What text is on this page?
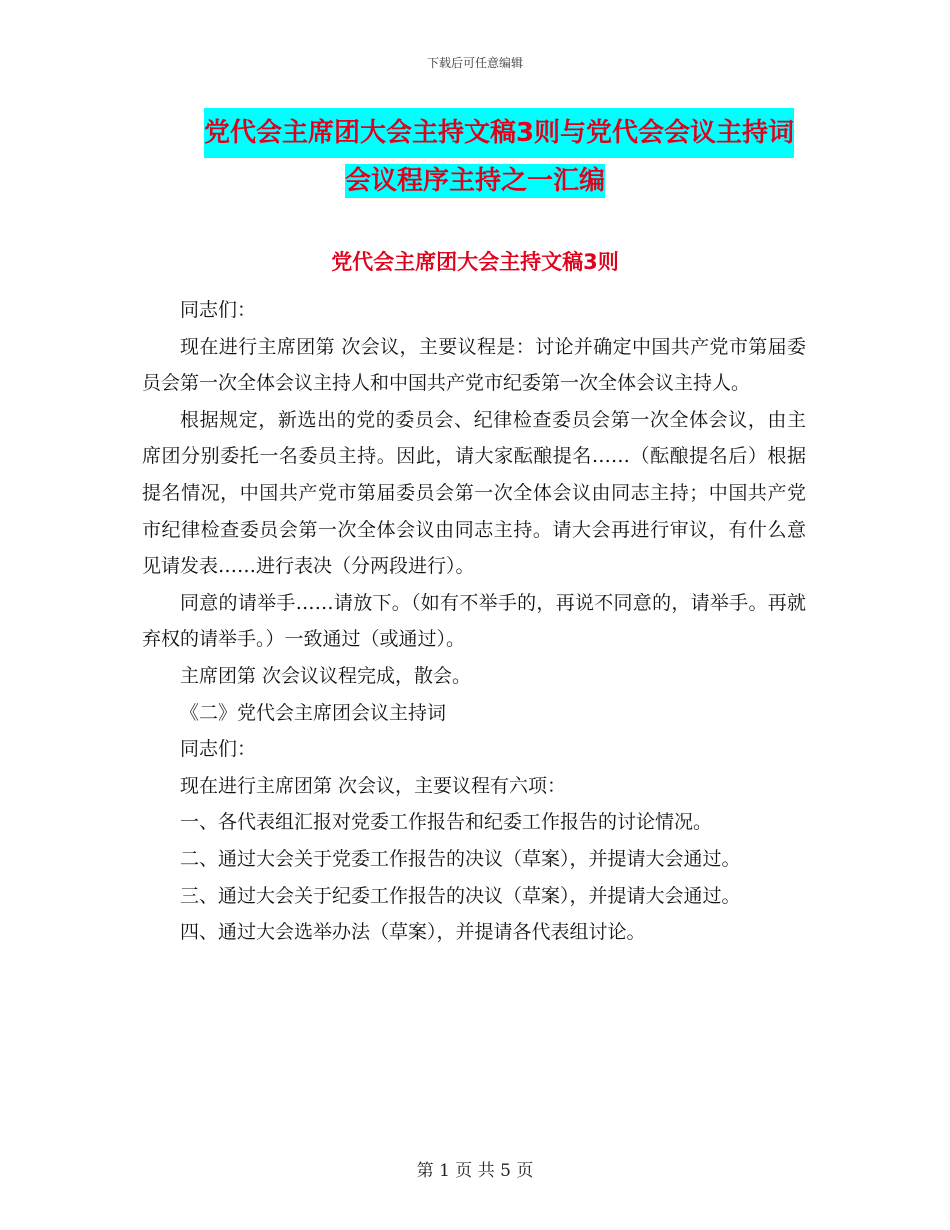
下载后可任意编辑
党代会主席团大会主持文稿3则与党代会会议主持词
会议程序主持之一汇编
党代会主席团大会主持文稿3则

同志们：

现在进行主席团第 次会议，主要议程是：讨论并确定中国共产党市第届委员会第一次全体会议主持人和中国共产党市纪委第一次全体会议主持人。

根据规定，新选出的党的委员会、纪律检查委员会第一次全体会议，由主席团分别委托一名委员主持。因此，请大家酝酿提名……（酝酿提名后）根据提名情况，中国共产党市第届委员会第一次全体会议由同志主持；中国共产党市纪律检查委员会第一次全体会议由同志主持。请大会再进行审议，有什么意见请发表……进行表决（分两段进行）。

同意的请举手……请放下。（如有不举手的，再说不同意的，请举手。再就弃权的请举手。）一致通过（或通过）。

主席团第 次会议议程完成，散会。

《二》党代会主席团会议主持词

同志们：

现在进行主席团第 次会议，主要议程有六项：

一、各代表组汇报对党委工作报告和纪委工作报告的讨论情况。

二、通过大会关于党委工作报告的决议（草案），并提请大会通过。

三、通过大会关于纪委工作报告的决议（草案），并提请大会通过。

四、通过大会选举办法（草案），并提请各代表组讨论。

第 1 页 共 5 页
